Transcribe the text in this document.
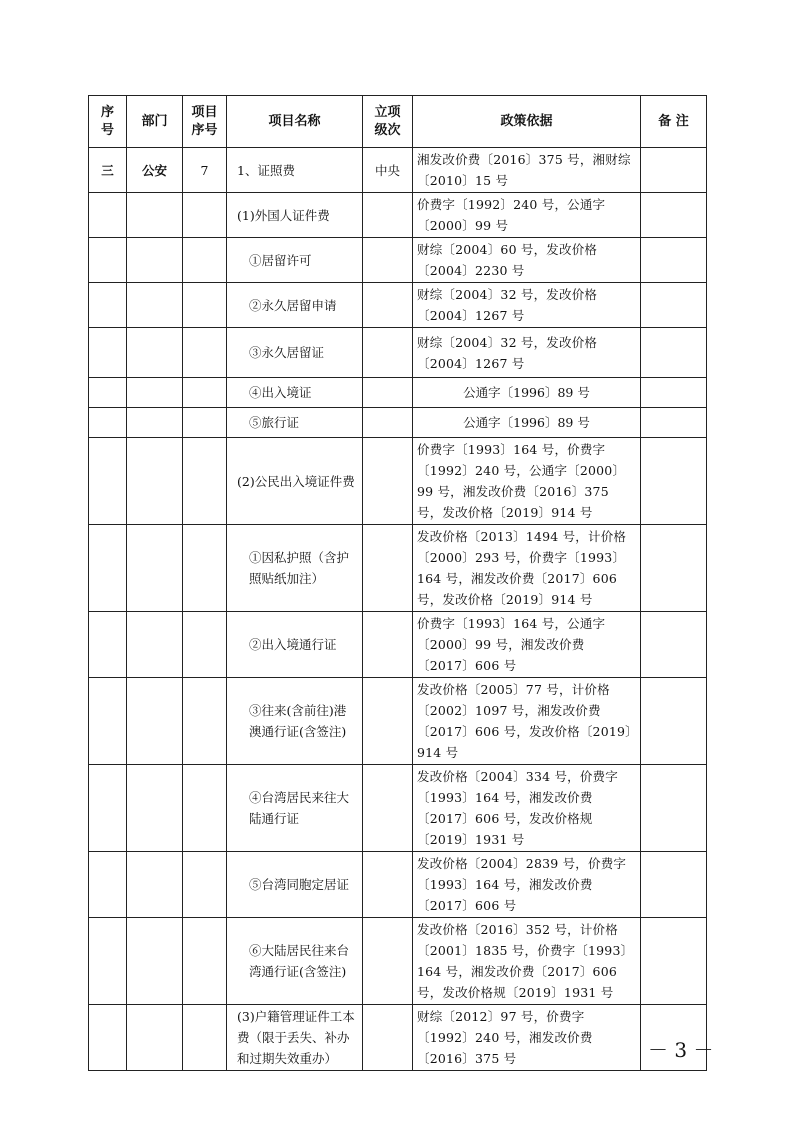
序号	部门	项目序号	项目名称	立项级次	政策依据	备 注
三	公安	7	1、证照费	中央	湘发改价费〔2016〕375 号，湘财综〔2010〕15 号	
			(1)外国人证件费		价费字〔1992〕240 号，公通字〔2000〕99 号	
			①居留许可		财综〔2004〕60 号，发改价格〔2004〕2230 号	
			②永久居留申请		财综〔2004〕32 号，发改价格〔2004〕1267 号	
			③永久居留证		财综〔2004〕32 号，发改价格〔2004〕1267 号	
			④出入境证		公通字〔1996〕89 号	
			⑤旅行证		公通字〔1996〕89 号	
			(2)公民出入境证件费		价费字〔1993〕164 号，价费字〔1992〕240 号，公通字〔2000〕99 号，湘发改价费〔2016〕375 号，发改价格〔2019〕914 号	
			①因私护照（含护照贴纸加注）		发改价格〔2013〕1494 号，计价格〔2000〕293 号，价费字〔1993〕164 号，湘发改价费〔2017〕606 号，发改价格〔2019〕914 号	
			②出入境通行证		价费字〔1993〕164 号，公通字〔2000〕99 号，湘发改价费〔2017〕606 号	
			③往来(含前往)港澳通行证(含签注)		发改价格〔2005〕77 号，计价格〔2002〕1097 号，湘发改价费〔2017〕606 号，发改价格〔2019〕914 号	
			④台湾居民来往大陆通行证		发改价格〔2004〕334 号，价费字〔1993〕164 号，湘发改价费〔2017〕606 号，发改价格规〔2019〕1931 号	
			⑤台湾同胞定居证		发改价格〔2004〕2839 号，价费字〔1993〕164 号，湘发改价费〔2017〕606 号	
			⑥大陆居民往来台湾通行证(含签注)		发改价格〔2016〕352 号，计价格〔2001〕1835 号，价费字〔1993〕164 号，湘发改价费〔2017〕606 号，发改价格规〔2019〕1931 号	
			(3)户籍管理证件工本费（限于丢失、补办和过期失效重办）		财综〔2012〕97 号，价费字〔1992〕240 号，湘发改价费〔2016〕375 号		－ 3 －
